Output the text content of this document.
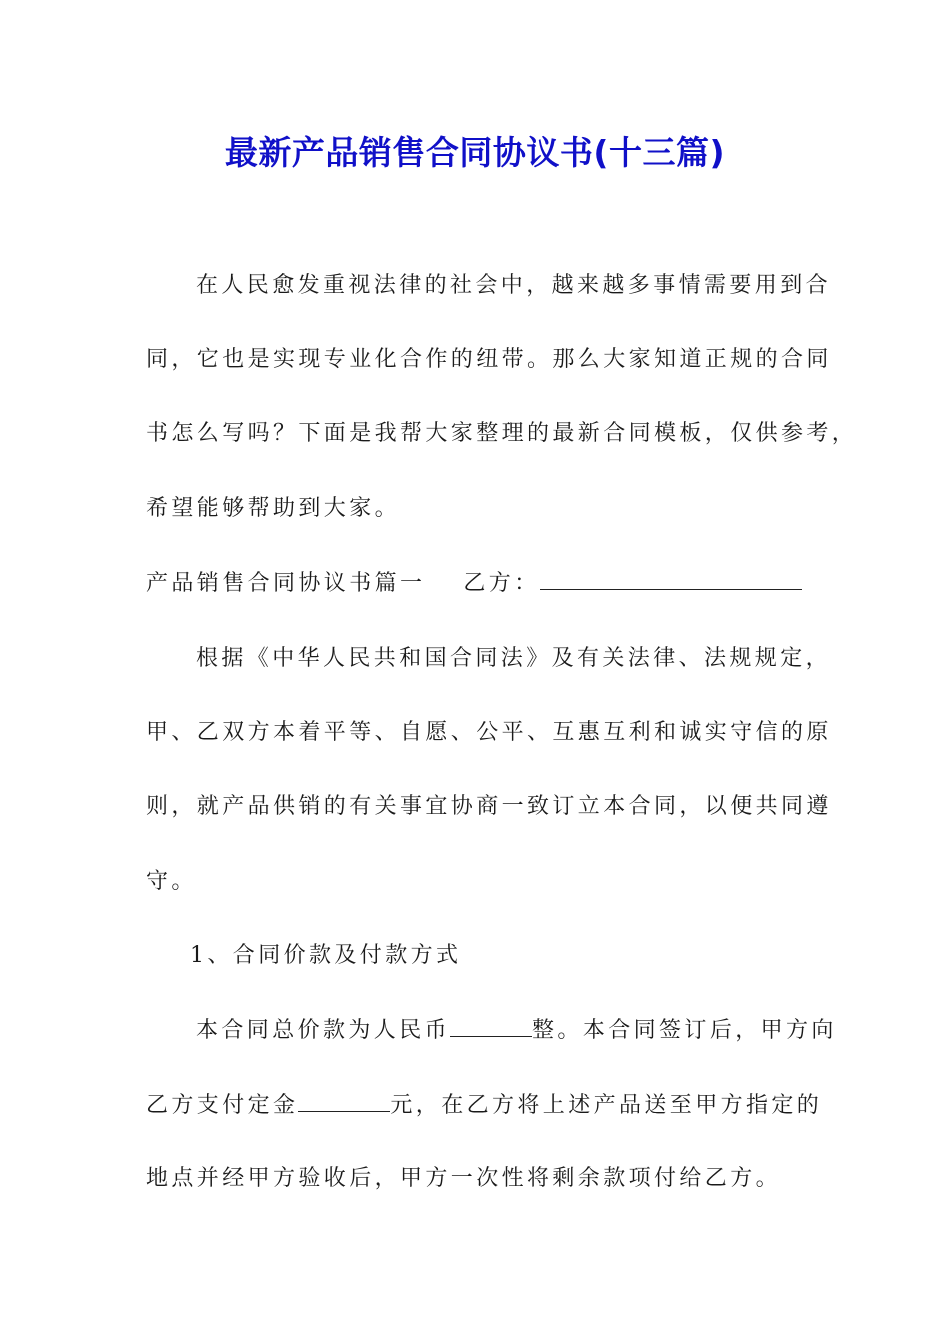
最新产品销售合同协议书(十三篇)

在人民愈发重视法律的社会中，越来越多事情需要用到合

同，它也是实现专业化合作的纽带。那么大家知道正规的合同

书怎么写吗？下面是我帮大家整理的最新合同模板，仅供参考，

希望能够帮助到大家。

产品销售合同协议书篇一 乙方：

根据《中华人民共和国合同法》及有关法律、法规规定，

甲、乙双方本着平等、自愿、公平、互惠互利和诚实守信的原

则，就产品供销的有关事宜协商一致订立本合同，以便共同遵

守。

1、合同价款及付款方式

本合同总价款为人民币	整。本合同签订后，甲方向

乙方支付定金	元，在乙方将上述产品送至甲方指定的

地点并经甲方验收后，甲方一次性将剩余款项付给乙方。
